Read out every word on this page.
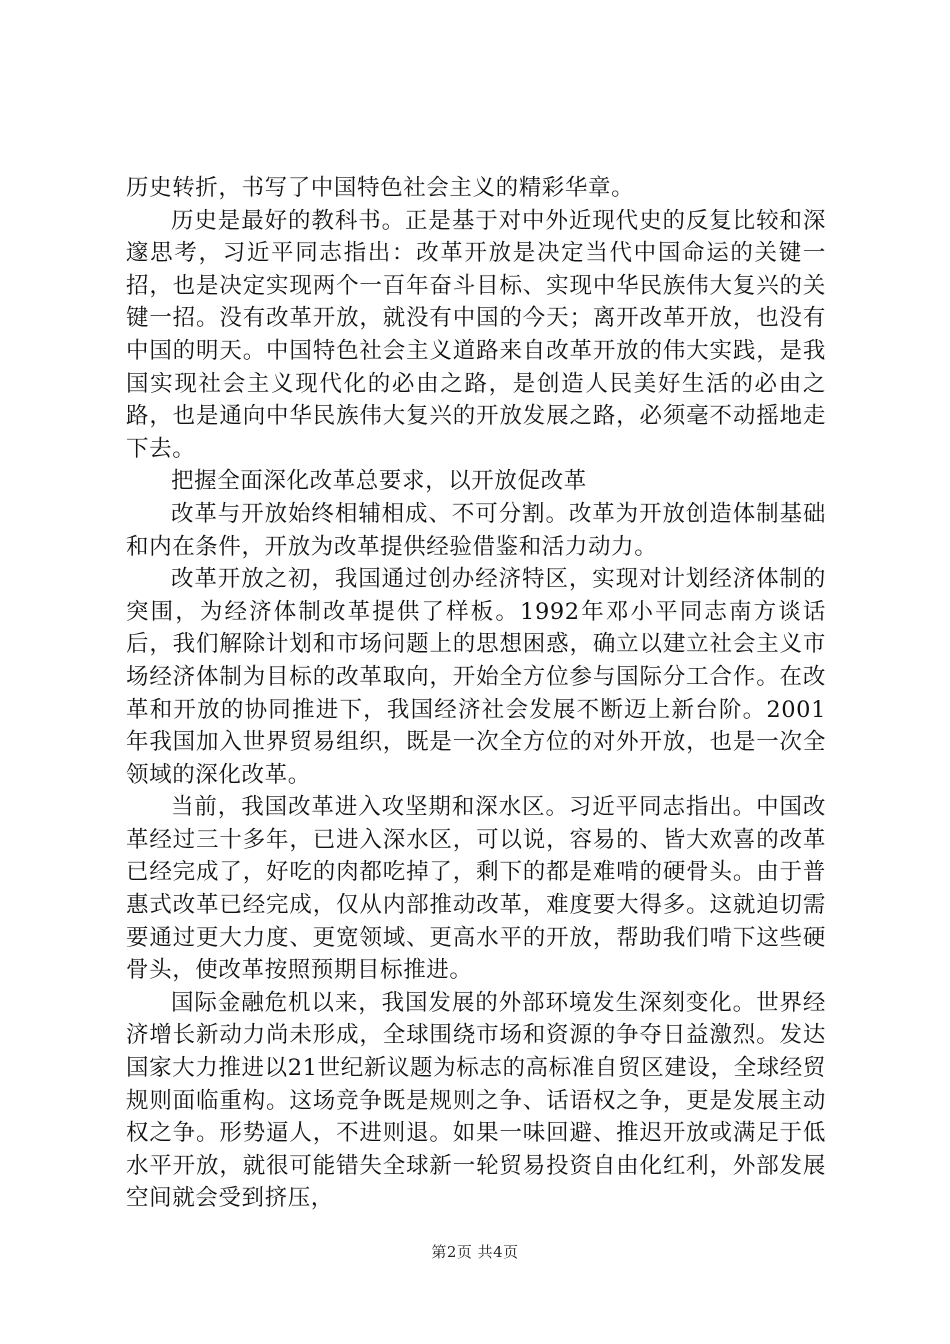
历史转折，书写了中国特色社会主义的精彩华章。

历史是最好的教科书。正是基于对中外近现代史的反复比较和深邃思考，习近平同志指出：改革开放是决定当代中国命运的关键一招，也是决定实现两个一百年奋斗目标、实现中华民族伟大复兴的关键一招。没有改革开放，就没有中国的今天；离开改革开放，也没有中国的明天。中国特色社会主义道路来自改革开放的伟大实践，是我国实现社会主义现代化的必由之路，是创造人民美好生活的必由之路，也是通向中华民族伟大复兴的开放发展之路，必须毫不动摇地走下去。

把握全面深化改革总要求，以开放促改革

改革与开放始终相辅相成、不可分割。改革为开放创造体制基础和内在条件，开放为改革提供经验借鉴和活力动力。

改革开放之初，我国通过创办经济特区，实现对计划经济体制的突围，为经济体制改革提供了样板。1992年邓小平同志南方谈话后，我们解除计划和市场问题上的思想困惑，确立以建立社会主义市场经济体制为目标的改革取向，开始全方位参与国际分工合作。在改革和开放的协同推进下，我国经济社会发展不断迈上新台阶。2001年我国加入世界贸易组织，既是一次全方位的对外开放，也是一次全领域的深化改革。

当前，我国改革进入攻坚期和深水区。习近平同志指出。中国改革经过三十多年，已进入深水区，可以说，容易的、皆大欢喜的改革已经完成了，好吃的肉都吃掉了，剩下的都是难啃的硬骨头。由于普惠式改革已经完成，仅从内部推动改革，难度要大得多。这就迫切需要通过更大力度、更宽领域、更高水平的开放，帮助我们啃下这些硬骨头，使改革按照预期目标推进。

国际金融危机以来，我国发展的外部环境发生深刻变化。世界经济增长新动力尚未形成，全球围绕市场和资源的争夺日益激烈。发达国家大力推进以21世纪新议题为标志的高标准自贸区建设，全球经贸规则面临重构。这场竞争既是规则之争、话语权之争，更是发展主动权之争。形势逼人，不进则退。如果一味回避、推迟开放或满足于低水平开放，就很可能错失全球新一轮贸易投资自由化红利，外部发展空间就会受到挤压，

第2页 共4页
